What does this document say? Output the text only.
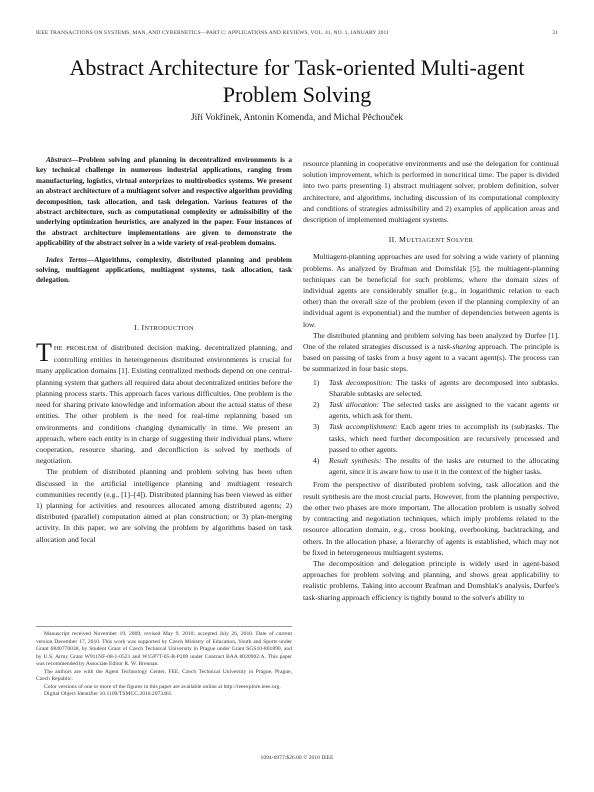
IEEE TRANSACTIONS ON SYSTEMS, MAN, AND CYBERNETICS—PART C: APPLICATIONS AND REVIEWS, VOL. 41, NO. 1, JANUARY 2011	31
Abstract Architecture for Task-oriented Multi-agent Problem Solving
Jiří Vokřínek, Antonín Komenda, and Michal Pěchouček

Abstract—Problem solving and planning in decentralized environments is a key technical challenge in numerous industrial applications, ranging from manufacturing, logistics, virtual enterprizes to multirobotics systems. We present an abstract architecture of a multiagent solver and respective algorithm providing decomposition, task allocation, and task delegation. Various features of the abstract architecture, such as computational complexity or admissibility of the underlying optimization heuristics, are analyzed in the paper. Four instances of the abstract architecture implementations are given to demonstrate the applicability of the abstract solver in a wide variety of real-problem domains.

Index Terms—Algorithms, complexity, distributed planning and problem solving, multiagent applications, multiagent systems, task allocation, task delegation.

I. INTRODUCTION

THE PROBLEM of distributed decision making, decentralized planning, and controlling entities in heterogeneous distributed environments is crucial for many application domains [1]. Existing centralized methods depend on one central-planning system that gathers all required data about decentralized entities before the planning process starts. This approach faces various difficulties. One problem is the need for sharing private knowledge and information about the actual status of these entities. The other problem is the need for real-time replanning based on environments and conditions changing dynamically in time. We present an approach, where each entity is in charge of suggesting their individual plans, where cooperation, resource sharing, and deconfliction is solved by methods of negotiation.

The problem of distributed planning and problem solving has been often discussed in the artificial intelligence planning and multiagent research communities recently (e.g., [1]–[4]). Distributed planning has been viewed as either 1) planning for activities and resources allocated among distributed agents; 2) distributed (parallel) computation aimed at plan construction; or 3) plan-merging activity. In this paper, we are solving the problem by algorithms based on task allocation and local

Manuscript received November 19, 2009; revised May 9, 2010; accepted July 26, 2010. Date of current version December 17, 2010. This work was supported by Czech Ministry of Education, Youth and Sports under Grant 6840770038, by Student Grant of Czech Technical University in Prague under Grant SGS10-801890, and by U.S. Army Grant W911NF-08-1-0521 and W15P7T-05-R-P209 under Contract BAA 8020902.A. This paper was recommended by Associate Editor R. W. Brennan.

The authors are with the Agent Technology Center, FEE, Czech Technical University in Prague, Prague, Czech Republic.

Color versions of one or more of the figures in this paper are available online at http://ieeexplore.ieee.org.

Digital Object Identifier 10.1109/TSMCC.2010.2073465

resource planning in cooperative environments and use the delegation for continual solution improvement, which is performed in noncritical time. The paper is divided into two parts presenting 1) abstract multiagent solver, problem definition, solver architecture, and algorithms, including discussion of its computational complexity and conditions of strategies admissibility and 2) examples of application areas and description of implemented multiagent systems.

II. MULTIAGENT SOLVER

Multiagent-planning approaches are used for solving a wide variety of planning problems. As analyzed by Brafman and Domshlak [5], the multiagent-planning techniques can be beneficial for such problems, where the domain sizes of individual agents are considerably smaller (e.g., in logarithmic relation to each other) than the overall size of the problem (even if the planning complexity of an individual agent is exponential) and the number of dependencies between agents is low.

The distributed planning and problem solving has been analyzed by Durfee [1]. One of the related strategies discussed is a task-sharing approach. The principle is based on passing of tasks from a busy agent to a vacant agent(s). The process can be summarized in four basic steps.

1) Task decomposition: The tasks of agents are decomposed into subtasks. Sharable subtasks are selected.
2) Task allocation: The selected tasks are assigned to the vacant agents or agents, which ask for them.
3) Task accomplishment: Each agent tries to accomplish its (sub)tasks. The tasks, which need further decomposition are recursively processed and passed to other agents.
4) Result synthesis: The results of the tasks are returned to the allocating agent, since it is aware how to use it in the context of the higher tasks.

From the perspective of distributed problem solving, task allocation and the result synthesis are the most crucial parts. However, from the planning perspective, the other two phases are more important. The allocation problem is usually solved by contracting and negotiation techniques, which imply problems related to the resource allocation domain, e.g., cross booking, overbooking, backtracking, and others. In the allocation phase, a hierarchy of agents is established, which may not be fixed in heterogeneous multiagent systems.

The decomposition and delegation principle is widely used in agent-based approaches for problem solving and planning, and shows great applicability to realistic problems. Taking into account Brafman and Domshlak's analysis, Durfee's task-sharing approach efficiency is tightly bound to the solver's ability to

1094-6977/$26.00 © 2010 IEEE
